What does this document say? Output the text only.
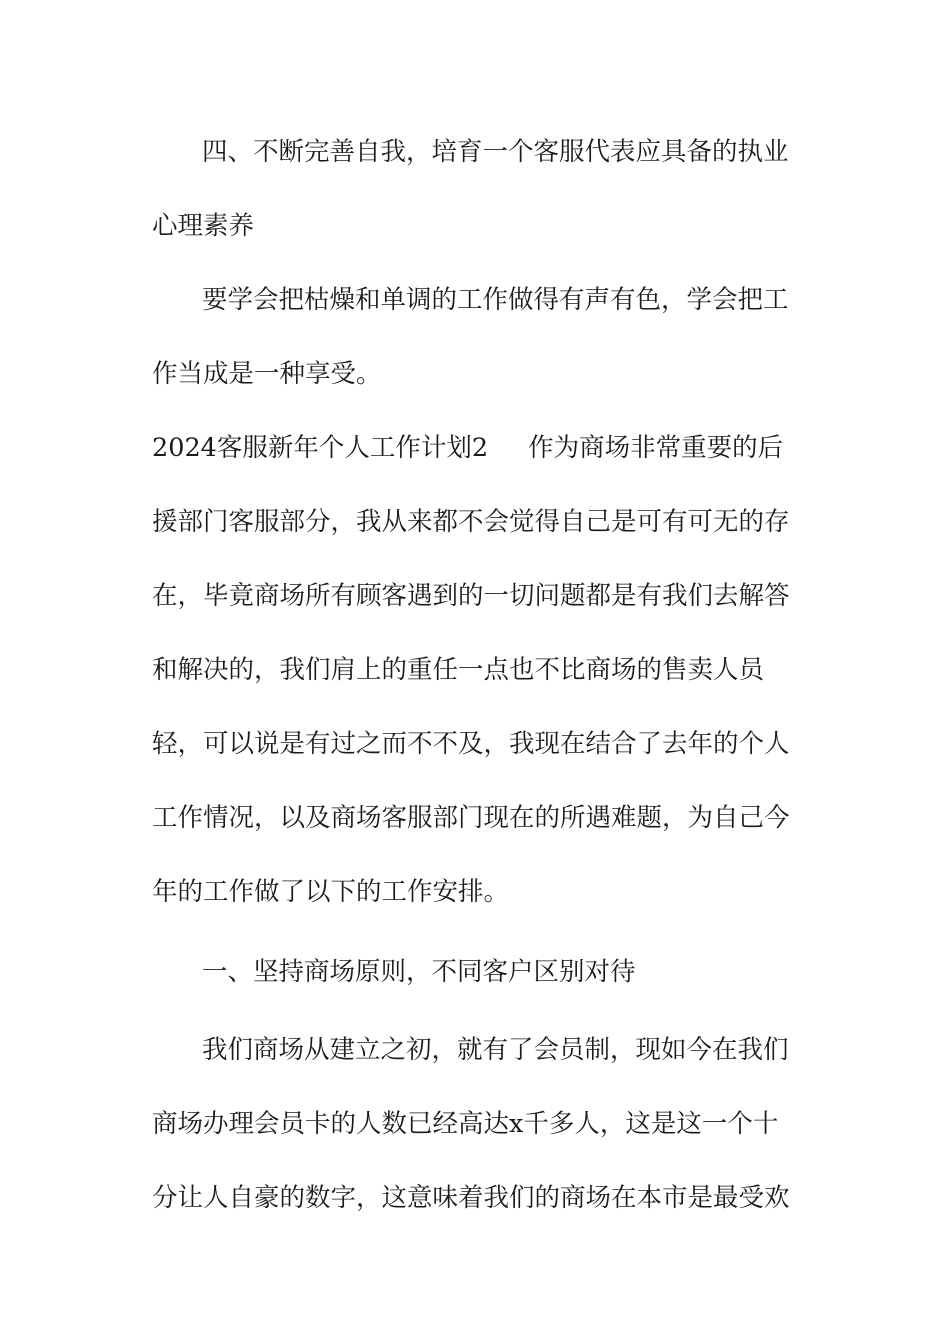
四、不断完善自我，培育一个客服代表应具备的执业

心理素养

要学会把枯燥和单调的工作做得有声有色，学会把工

作当成是一种享受。

2024客服新年个人工作计划2 作为商场非常重要的后

援部门客服部分，我从来都不会觉得自己是可有可无的存

在，毕竟商场所有顾客遇到的一切问题都是有我们去解答

和解决的，我们肩上的重任一点也不比商场的售卖人员

轻，可以说是有过之而不不及，我现在结合了去年的个人

工作情况，以及商场客服部门现在的所遇难题，为自己今

年的工作做了以下的工作安排。

一、坚持商场原则，不同客户区别对待

我们商场从建立之初，就有了会员制，现如今在我们

商场办理会员卡的人数已经高达x千多人，这是这一个十

分让人自豪的数字，这意味着我们的商场在本市是最受欢
